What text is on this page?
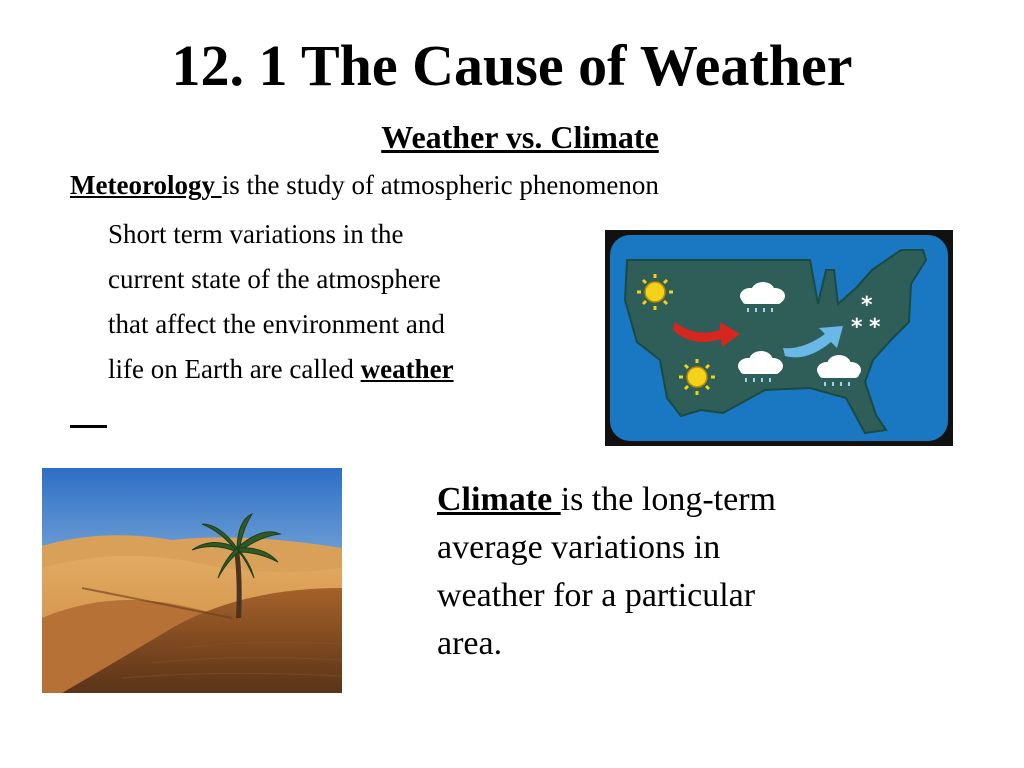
12. 1 The Cause of Weather
Weather vs. Climate
Meteorology is the study of atmospheric phenomenon
Short term variations in the
current state of the atmosphere
that affect the environment and
life on Earth are called weather
*
* *
Climate is the long-term
average variations in
weather for a particular
area.
